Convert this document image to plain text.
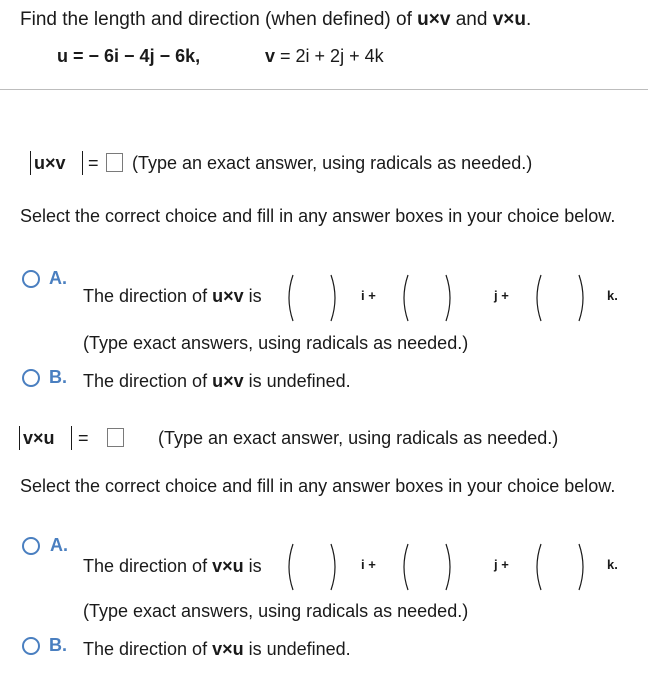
Find the length and direction (when defined) of u×v and v×u.
u = − 6i − 4j − 6k,	v = 2i + 2j + 4k
u×v = (Type an exact answer, using radicals as needed.)
Select the correct choice and fill in any answer boxes in your choice below.
A.
The direction of u×v is	i +	j +	k.
(Type exact answers, using radicals as needed.)
B. The direction of u×v is undefined.
v×u =	(Type an exact answer, using radicals as needed.)
Select the correct choice and fill in any answer boxes in your choice below.
A.
The direction of v×u is	i +	j +	k.
(Type exact answers, using radicals as needed.)
B. The direction of v×u is undefined.
